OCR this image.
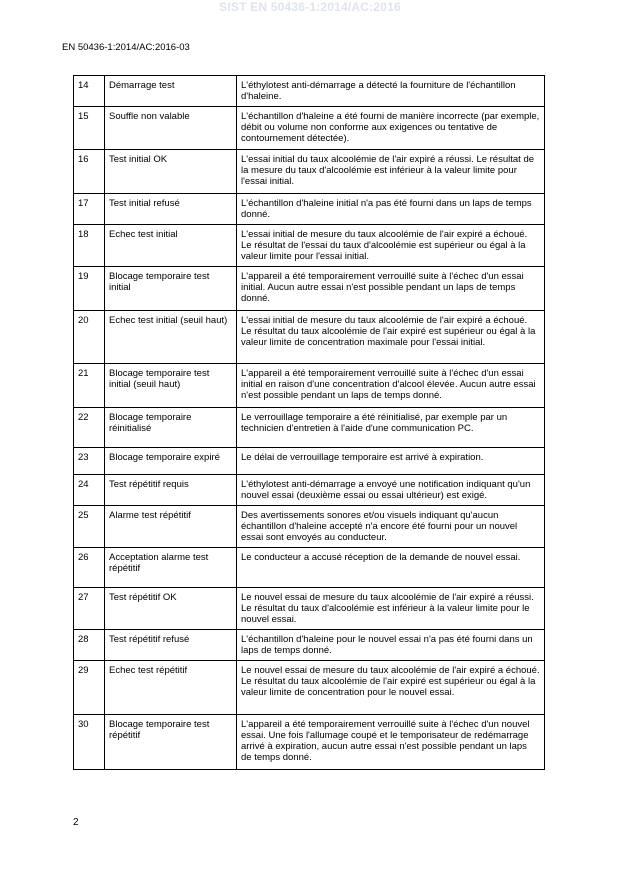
SIST EN 50436-1:2014/AC:2016
EN 50436-1:2014/AC:2016-03
14	Démarrage test	L'éthylotest anti-démarrage a détecté la fourniture de l'échantillon d'haleine.
15	Souffle non valable	L'échantillon d'haleine a été fourni de manière incorrecte (par exemple, débit ou volume non conforme aux exigences ou tentative de contournement détectée).
16	Test initial OK	L'essai initial du taux alcoolémie de l'air expiré a réussi. Le résultat de la mesure du taux d'alcoolémie est inférieur à la valeur limite pour l'essai initial.
17	Test initial refusé	L'échantillon d'haleine initial n'a pas été fourni dans un laps de temps donné.
18	Echec test initial	L'essai initial de mesure du taux alcoolémie de l'air expiré a échoué. Le résultat de l'essai du taux d'alcoolémie est supérieur ou égal à la valeur limite pour l'essai initial.
19	Blocage temporaire test initial	L'appareil a été temporairement verrouillé suite à l'échec d'un essai initial. Aucun autre essai n'est possible pendant un laps de temps donné.
20	Echec test initial (seuil haut)	L'essai initial de mesure du taux alcoolémie de l'air expiré a échoué. Le résultat du taux alcoolémie de l'air expiré est supérieur ou égal à la valeur limite de concentration maximale pour l'essai initial.
21	Blocage temporaire test initial (seuil haut)	L'appareil a été temporairement verrouillé suite à l'échec d'un essai initial en raison d'une concentration d'alcool élevée. Aucun autre essai n'est possible pendant un laps de temps donné.
22	Blocage temporaire réinitialisé	Le verrouillage temporaire a été réinitialisé, par exemple par un technicien d'entretien à l'aide d'une communication PC.
23	Blocage temporaire expiré	Le délai de verrouillage temporaire est arrivé à expiration.
24	Test répétitif requis	L'éthylotest anti-démarrage a envoyé une notification indiquant qu'un nouvel essai (deuxième essai ou essai ultérieur) est exigé.
25	Alarme test répétitif	Des avertissements sonores et/ou visuels indiquant qu'aucun échantillon d'haleine accepté n'a encore été fourni pour un nouvel essai sont envoyés au conducteur.
26	Acceptation alarme test répétitif	Le conducteur a accusé réception de la demande de nouvel essai.
27	Test répétitif OK	Le nouvel essai de mesure du taux alcoolémie de l'air expiré a réussi. Le résultat du taux d'alcoolémie est inférieur à la valeur limite pour le nouvel essai.
28	Test répétitif refusé	L'échantillon d'haleine pour le nouvel essai n'a pas été fourni dans un laps de temps donné.
29	Echec test répétitif	Le nouvel essai de mesure du taux alcoolémie de l'air expiré a échoué. Le résultat du taux alcoolémie de l'air expiré est supérieur ou égal à la valeur limite de concentration pour le nouvel essai.
30	Blocage temporaire test répétitif	L'appareil a été temporairement verrouillé suite à l'échec d'un nouvel essai. Une fois l'allumage coupé et le temporisateur de redémarrage arrivé à expiration, aucun autre essai n'est possible pendant un laps de temps donné.
2
